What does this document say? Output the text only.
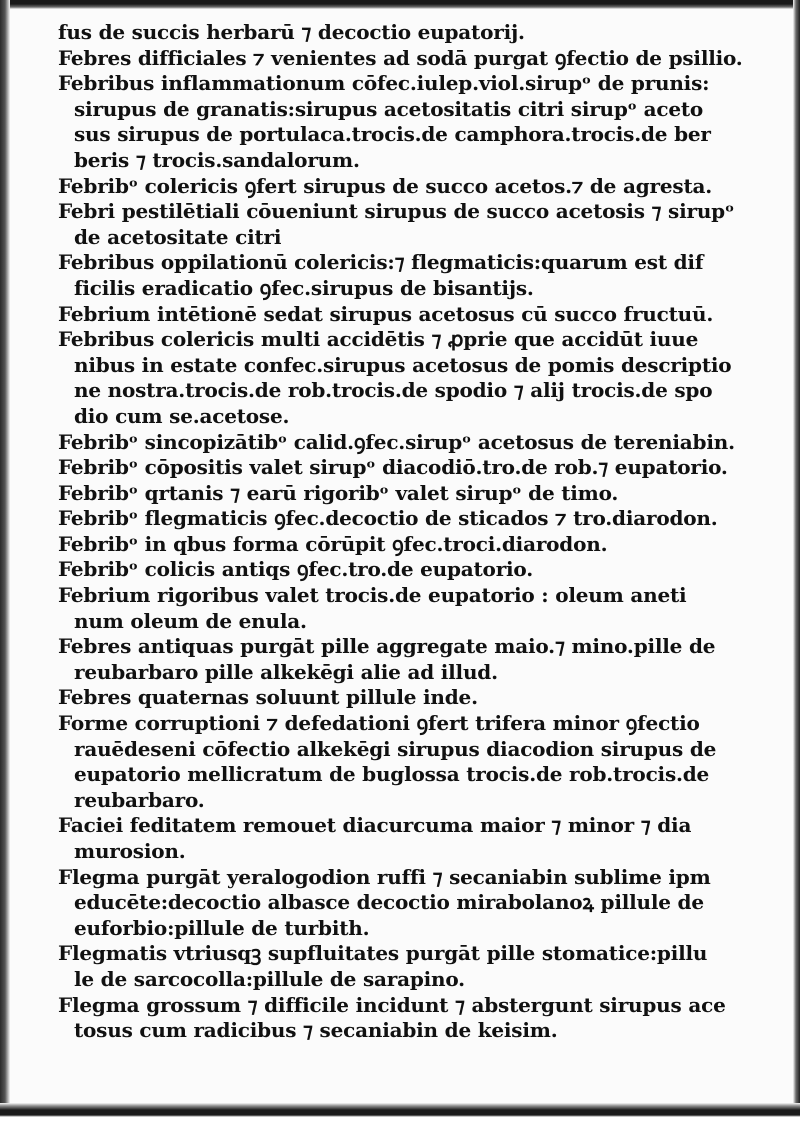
fus de succis herbarū ⁊ decoctio eupatorij.
Febres difficiales ⁊ venientes ad sodā purgat ꝯfectio de psillio.
Febribus inflammationum cōfec.iulep.viol.sirupᵒ de prunis:
sirupus de granatis:sirupus acetositatis citri sirupᵒ aceto
sus sirupus de portulaca.trocis.de camphora.trocis.de ber
beris ⁊ trocis.sandalorum.
Febribᵒ colericis ꝯfert sirupus de succo acetos.⁊ de agresta.
Febri pestilētiali cōueniunt sirupus de succo acetosis ⁊ sirupᵒ
de acetositate citri
Febribus oppilationū colericis:⁊ flegmaticis:quarum est dif
ficilis eradicatio ꝯfec.sirupus de bisantijs.
Febrium intētionē sedat sirupus acetosus cū succo fructuū.
Febribus colericis multi accidētis ⁊ ꝓprie que accidūt iuue
nibus in estate confec.sirupus acetosus de pomis descriptio
ne nostra.trocis.de rob.trocis.de spodio ⁊ alij trocis.de spo
dio cum se.acetose.
Febribᵒ sincopizātibᵒ calid.ꝯfec.sirupᵒ acetosus de tereniabin.
Febribᵒ cōpositis valet sirupᵒ diacodiō.tro.de rob.⁊ eupatorio.
Febribᵒ qrtanis ⁊ earū rigoribᵒ valet sirupᵒ de timo.
Febribᵒ flegmaticis ꝯfec.decoctio de sticados ⁊ tro.diarodon.
Febribᵒ in qbus forma cōrūpit ꝯfec.troci.diarodon.
Febribᵒ colicis antiqs ꝯfec.tro.de eupatorio.
Febrium rigoribus valet trocis.de eupatorio : oleum aneti
num oleum de enula.
Febres antiquas purgāt pille aggregate maio.⁊ mino.pille de
reubarbaro pille alkekēgi alie ad illud.
Febres quaternas soluunt pillule inde.
Forme corruptioni ⁊ defedationi ꝯfert trifera minor ꝯfectio
rauēdeseni cōfectio alkekēgi sirupus diacodion sirupus de
eupatorio mellicratum de buglossa trocis.de rob.trocis.de
reubarbaro.
Faciei feditatem remouet diacurcuma maior ⁊ minor ⁊ dia
murosion.
Flegma purgāt yeralogodion ruffi ⁊ secaniabin sublime ipm
educēte:decoctio albasce decoctio mirabolanoꝝ pillule de
euforbio:pillule de turbith.
Flegmatis vtriusqꝫ supfluitates purgāt pille stomatice:pillu
le de sarcocolla:pillule de sarapino.
Flegma grossum ⁊ difficile incidunt ⁊ abstergunt sirupus ace
tosus cum radicibus ⁊ secaniabin de keisim.
